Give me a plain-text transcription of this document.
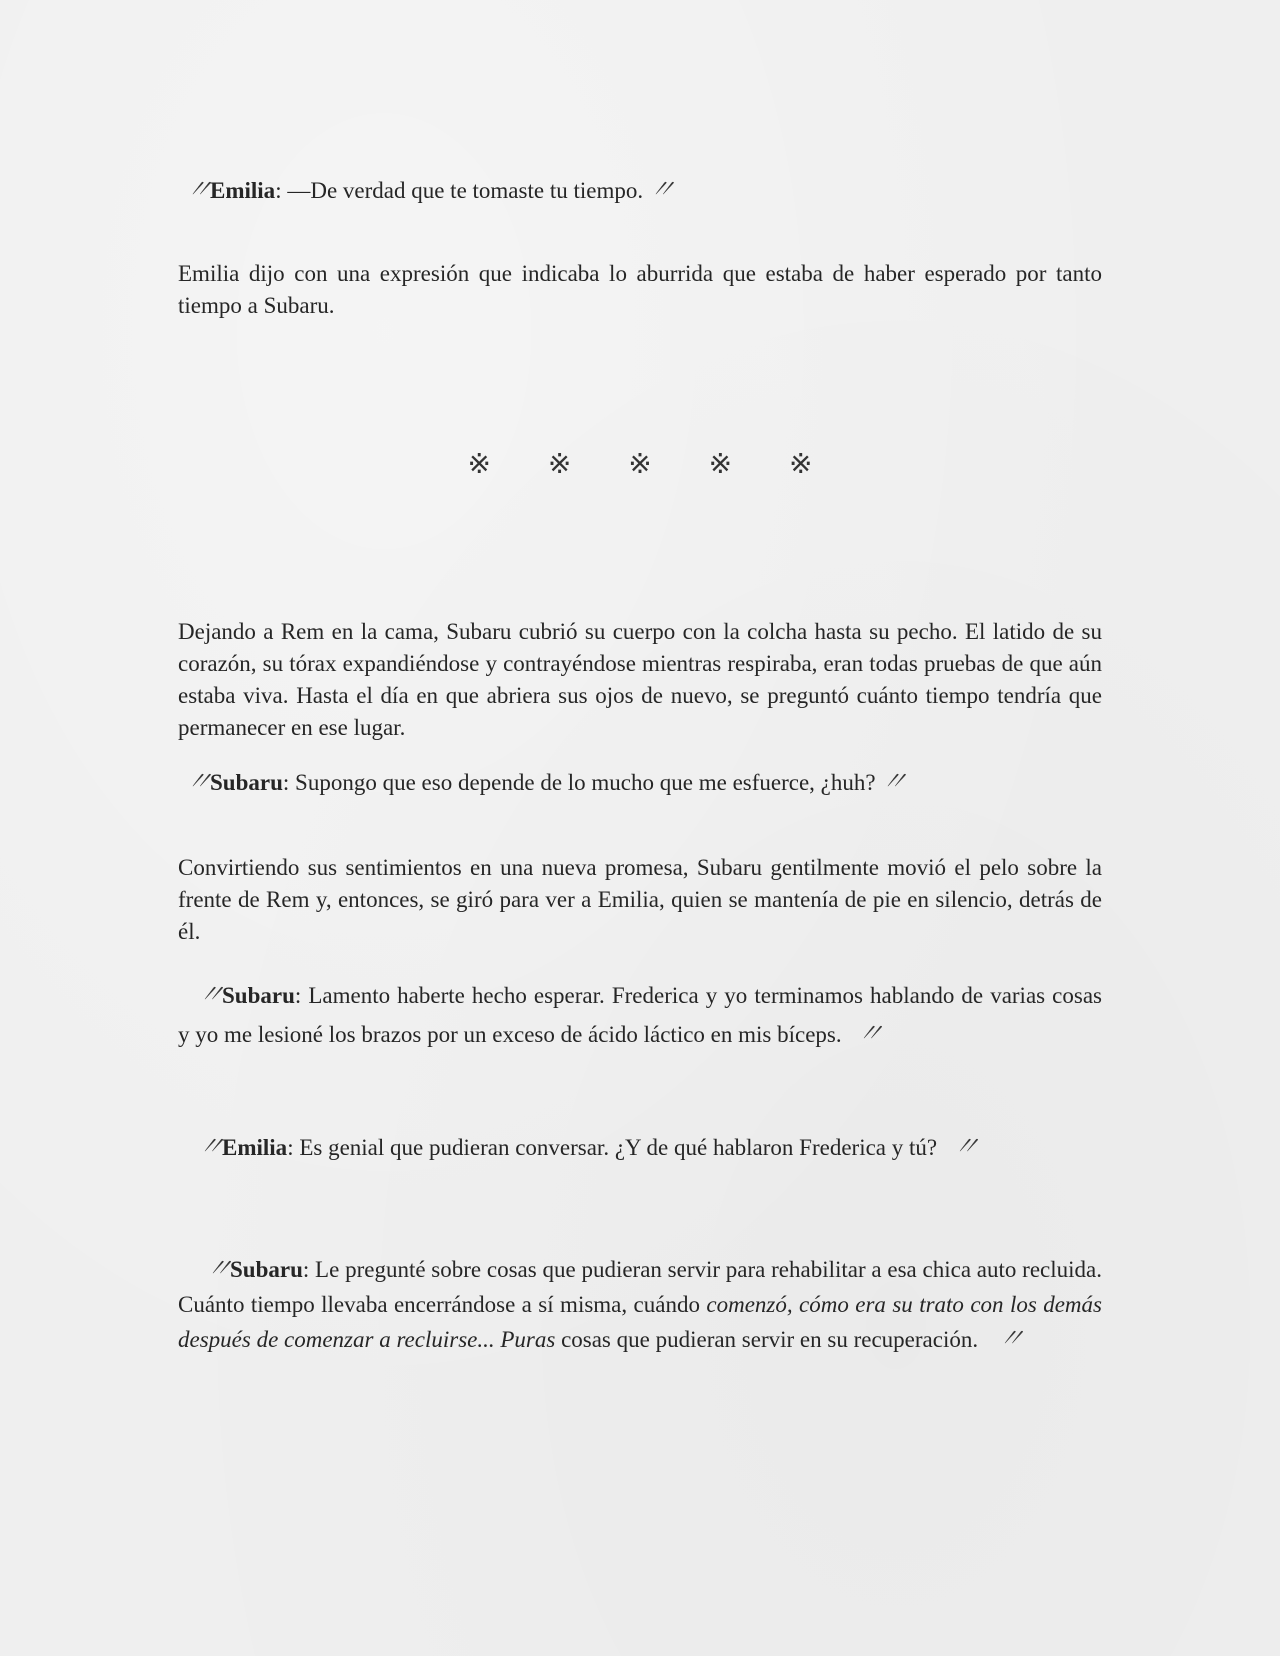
〃Emilia: —De verdad que te tomaste tu tiempo. 〃

Emilia dijo con una expresión que indicaba lo aburrida que estaba de haber esperado por tanto tiempo a Subaru.

※ ※ ※ ※ ※

Dejando a Rem en la cama, Subaru cubrió su cuerpo con la colcha hasta su pecho. El latido de su corazón, su tórax expandiéndose y contrayéndose mientras respiraba, eran todas pruebas de que aún estaba viva. Hasta el día en que abriera sus ojos de nuevo, se preguntó cuánto tiempo tendría que permanecer en ese lugar.

〃Subaru: Supongo que eso depende de lo mucho que me esfuerce, ¿huh? 〃

Convirtiendo sus sentimientos en una nueva promesa, Subaru gentilmente movió el pelo sobre la frente de Rem y, entonces, se giró para ver a Emilia, quien se mantenía de pie en silencio, detrás de él.

〃Subaru: Lamento haberte hecho esperar. Frederica y yo terminamos hablando de varias cosas y yo me lesioné los brazos por un exceso de ácido láctico en mis bíceps. 〃

〃Emilia: Es genial que pudieran conversar. ¿Y de qué hablaron Frederica y tú? 〃

〃Subaru: Le pregunté sobre cosas que pudieran servir para rehabilitar a esa chica auto recluida. Cuánto tiempo llevaba encerrándose a sí misma, cuándo comenzó, cómo era su trato con los demás después de comenzar a recluirse... Puras cosas que pudieran servir en su recuperación. 〃
